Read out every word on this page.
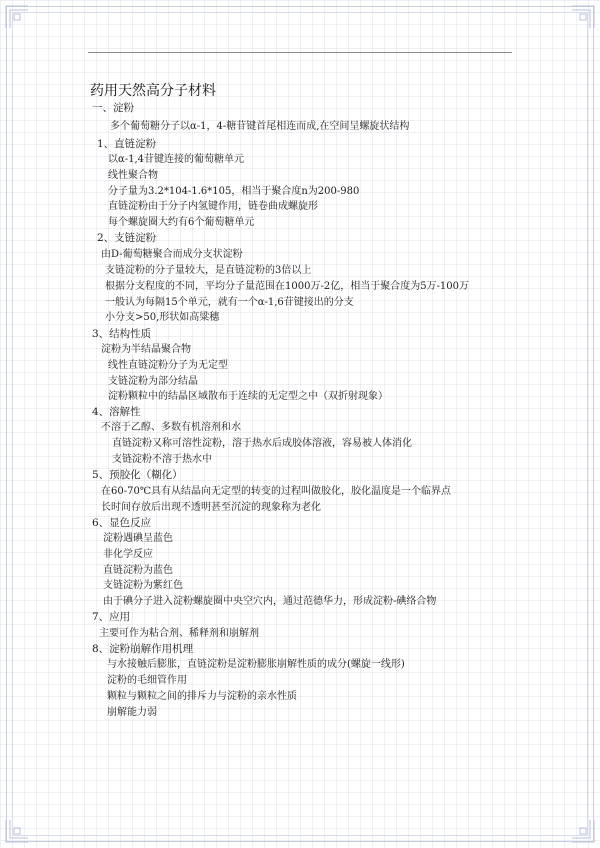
药用天然高分子材料
一、淀粉
多个葡萄糖分子以α-1，4-糖苷键首尾相连而成,在空间呈螺旋状结构
1、直链淀粉
以α-1,4苷键连接的葡萄糖单元
线性聚合物
分子量为3.2*104-1.6*105，相当于聚合度n为200-980
直链淀粉由于分子内氢键作用，链卷曲成螺旋形
每个螺旋圈大约有6个葡萄糖单元
2、支链淀粉
由D-葡萄糖聚合而成分支状淀粉
支链淀粉的分子量较大，是直链淀粉的3倍以上
根据分支程度的不同，平均分子量范围在1000万-2亿，相当于聚合度为5万-100万
一般认为每隔15个单元，就有一个α-1,6苷键接出的分支
小分支>50,形状如高粱穗
3、结构性质
淀粉为半结晶聚合物
线性直链淀粉分子为无定型
支链淀粉为部分结晶
淀粉颗粒中的结晶区域散布于连续的无定型之中（双折射现象）
4、溶解性
不溶于乙醇、多数有机溶剂和水
直链淀粉又称可溶性淀粉，溶于热水后成胶体溶液，容易被人体消化
支链淀粉不溶于热水中
5、预胶化（糊化）
在60-70℃具有从结晶向无定型的转变的过程叫做胶化，胶化温度是一个临界点
长时间存放后出现不透明甚至沉淀的现象称为老化
6、显色反应
淀粉遇碘呈蓝色
非化学反应
直链淀粉为蓝色
支链淀粉为紫红色
由于碘分子进入淀粉螺旋圈中央空穴内，通过范德华力，形成淀粉-碘络合物
7、应用
主要可作为粘合剂、稀释剂和崩解剂
8、淀粉崩解作用机理
与水接触后膨胀，直链淀粉是淀粉膨胀崩解性质的成分(螺旋一线形)
淀粉的毛细管作用
颗粒与颗粒之间的排斥力与淀粉的亲水性质
崩解能力弱
